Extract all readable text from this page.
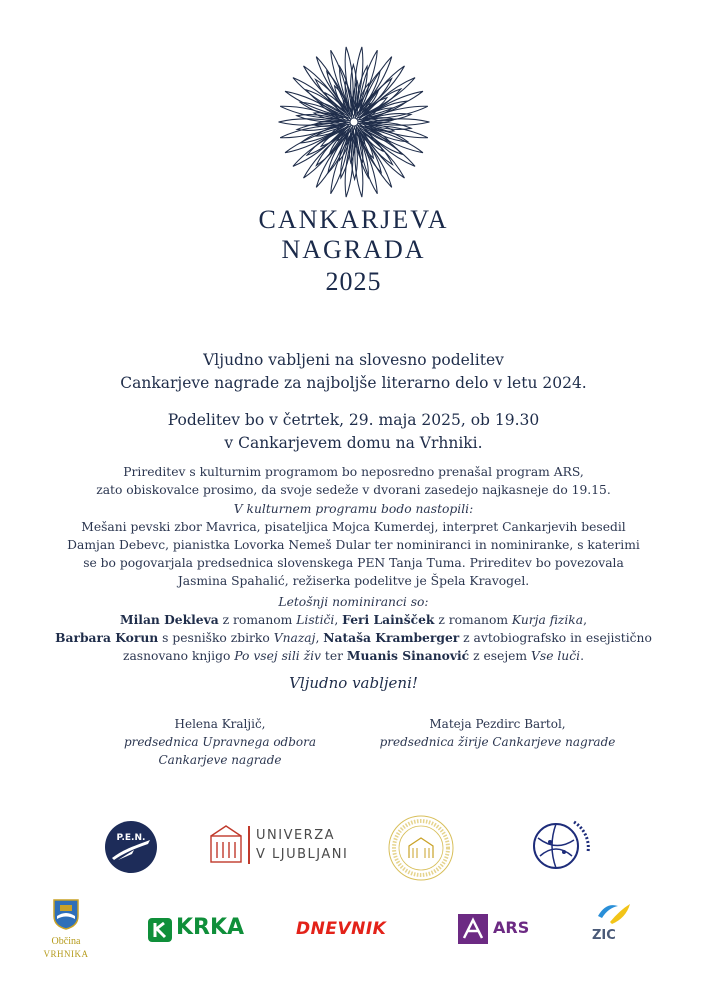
CANKARJEVA
NAGRADA
2025
Vljudno vabljeni na slovesno podelitev
Cankarjeve nagrade za najboljše literarno delo v letu 2024.
Podelitev bo v četrtek, 29. maja 2025, ob 19.30
v Cankarjevem domu na Vrhniki.
Prireditev s kulturnim programom bo neposredno prenašal program ARS,
zato obiskovalce prosimo, da svoje sedeže v dvorani zasedejo najkasneje do 19.15.
V kulturnem programu bodo nastopili:
Mešani pevski zbor Mavrica, pisateljica Mojca Kumerdej, interpret Cankarjevih besedil
Damjan Debevc, pianistka Lovorka Nemeš Dular ter nominiranci in nominiranke, s katerimi
se bo pogovarjala predsednica slovenskega PEN Tanja Tuma. Prireditev bo povezovala
Jasmina Spahalić, režiserka podelitve je Špela Kravogel.
Letošnji nominiranci so:
Milan Dekleva z romanom Lističi, Feri Lainšček z romanom Kurja fizika,
Barbara Korun s pesniško zbirko Vnazaj, Nataša Kramberger z avtobiografsko in esejistično
zasnovano knjigo Po vsej sili živ ter Muanis Sinanović z esejem Vse luči.
Vljudno vabljeni!
Helena Kraljič,
predsednica Upravnega odbora
Cankarjeve nagrade
Mateja Pezdirc Bartol,
predsednica žirije Cankarjeve nagrade
P.E.N.	UNIVERZA
V LJUBLJANI
Občina
VRHNIKA
KRKA	DNEVNIK	ARS	ZIC
